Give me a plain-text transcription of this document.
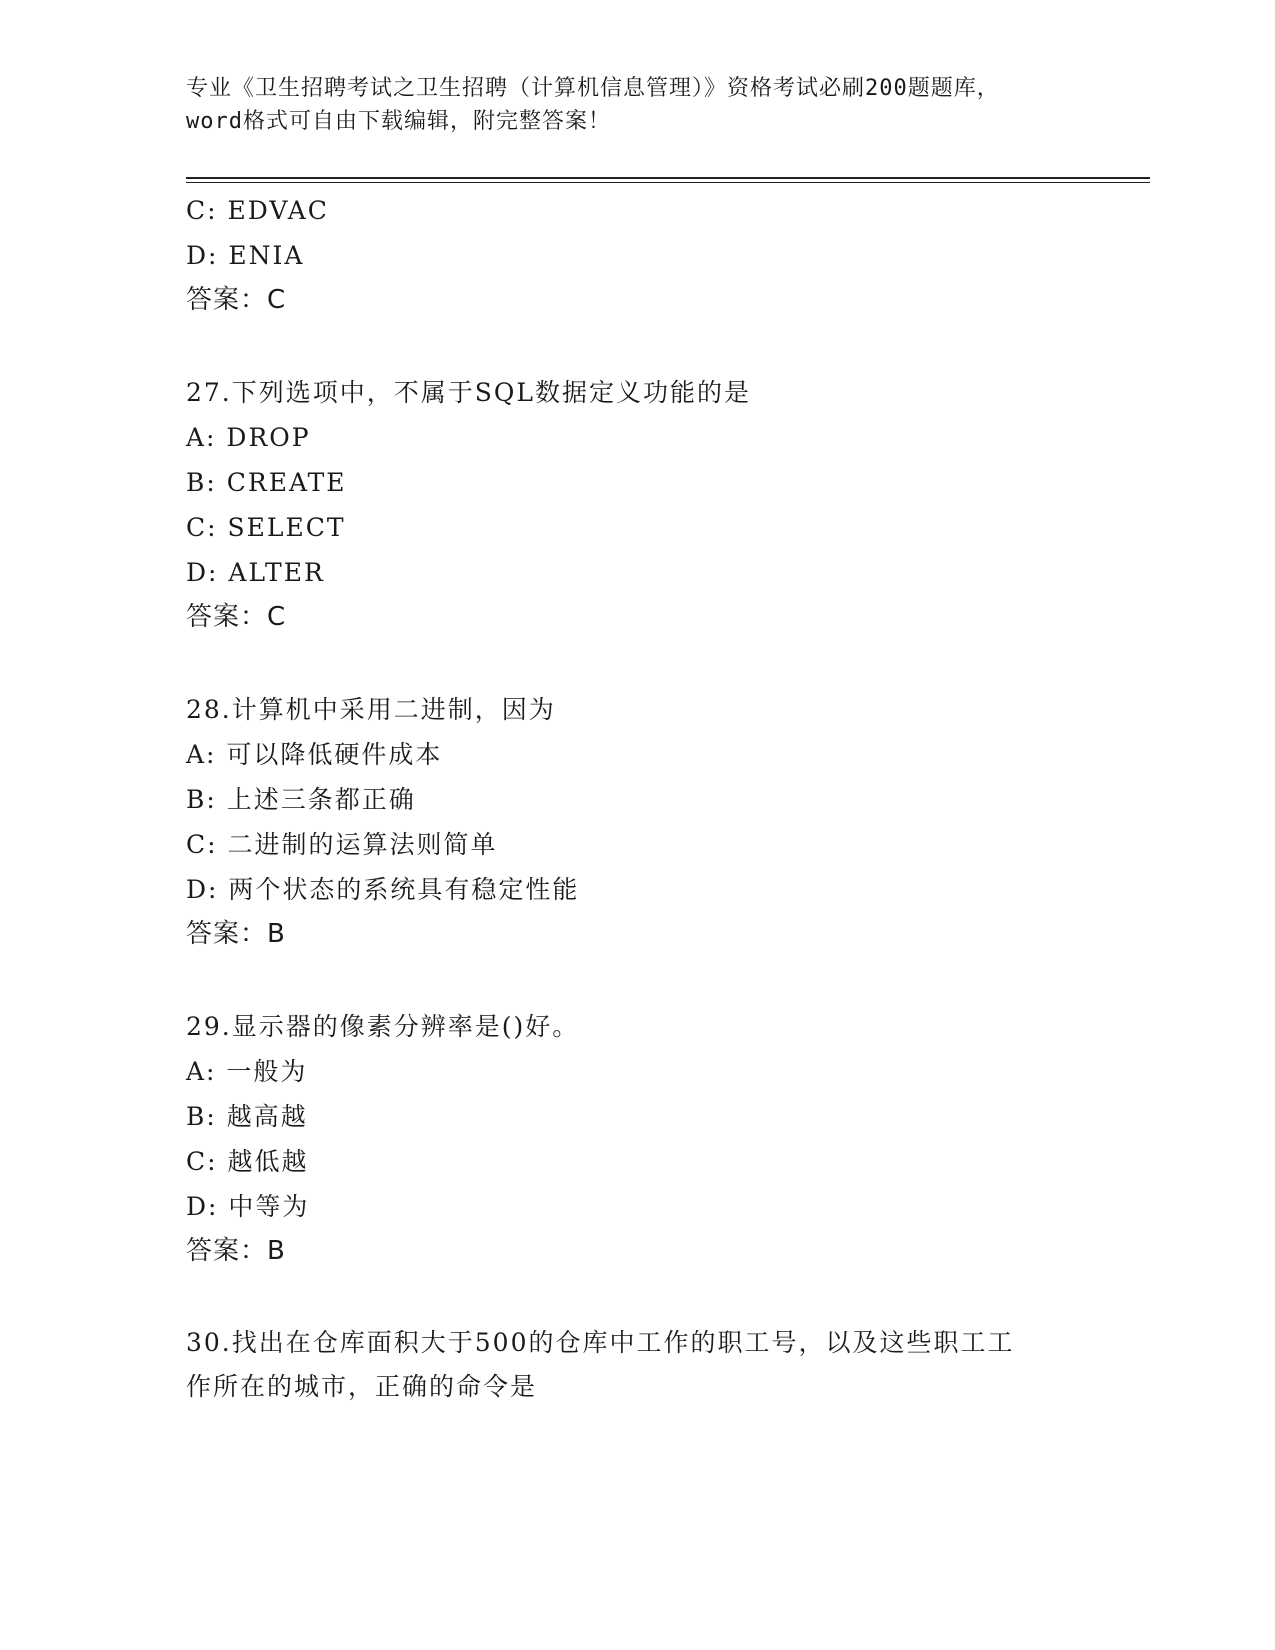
专业《卫生招聘考试之卫生招聘（计算机信息管理）》资格考试必刷200题题库，
word格式可自由下载编辑，附完整答案！
C: EDVAC
D: ENIA
答案：C
27.下列选项中，不属于SQL数据定义功能的是
A: DROP
B: CREATE
C: SELECT
D: ALTER
答案：C
28.计算机中采用二进制，因为
A: 可以降低硬件成本
B: 上述三条都正确
C: 二进制的运算法则简单
D: 两个状态的系统具有稳定性能
答案：B
29.显示器的像素分辨率是()好。
A: 一般为
B: 越高越
C: 越低越
D: 中等为
答案：B
30.找出在仓库面积大于500的仓库中工作的职工号，以及这些职工工
作所在的城市，正确的命令是
